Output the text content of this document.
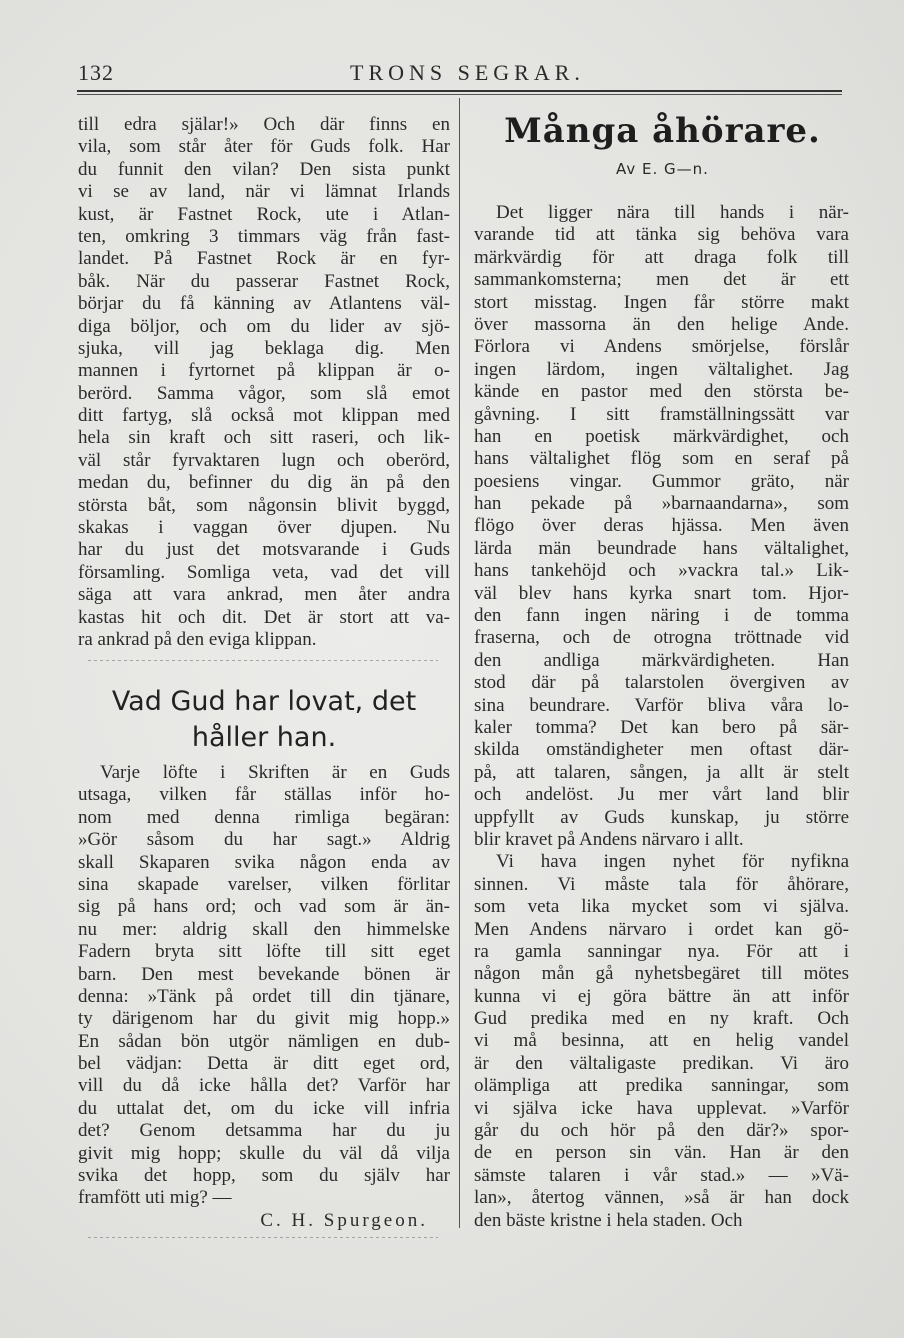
132	TRONS SEGRAR.
till edra själar!» Och där finns en
vila, som står åter för Guds folk. Har
du funnit den vilan? Den sista punkt
vi se av land, när vi lämnat Irlands
kust, är Fastnet Rock, ute i Atlan-
ten, omkring 3 timmars väg från fast-
landet. På Fastnet Rock är en fyr-
båk. När du passerar Fastnet Rock,
börjar du få känning av Atlantens väl-
diga böljor, och om du lider av sjö-
sjuka, vill jag beklaga dig. Men
mannen i fyrtornet på klippan är o-
berörd. Samma vågor, som slå emot
ditt fartyg, slå också mot klippan med
hela sin kraft och sitt raseri, och lik-
väl står fyrvaktaren lugn och oberörd,
medan du, befinner du dig än på den
största båt, som någonsin blivit byggd,
skakas i vaggan över djupen. Nu
har du just det motsvarande i Guds
församling. Somliga veta, vad det vill
säga att vara ankrad, men åter andra
kastas hit och dit. Det är stort att va-
ra ankrad på den eviga klippan.
Vad Gud har lovat, det
håller han.
Varje löfte i Skriften är en Guds
utsaga, vilken får ställas inför ho-
nom med denna rimliga begäran:
»Gör såsom du har sagt.» Aldrig
skall Skaparen svika någon enda av
sina skapade varelser, vilken förlitar
sig på hans ord; och vad som är än-
nu mer: aldrig skall den himmelske
Fadern bryta sitt löfte till sitt eget
barn. Den mest bevekande bönen är
denna: »Tänk på ordet till din tjänare,
ty därigenom har du givit mig hopp.»
En sådan bön utgör nämligen en dub-
bel vädjan: Detta är ditt eget ord,
vill du då icke hålla det? Varför har
du uttalat det, om du icke vill infria
det? Genom detsamma har du ju
givit mig hopp; skulle du väl då vilja
svika det hopp, som du själv har
framfött uti mig? —
C. H. Spurgeon.
Många åhörare.
Av E. G—n.
Det ligger nära till hands i när-
varande tid att tänka sig behöva vara
märkvärdig för att draga folk till
sammankomsterna; men det är ett
stort misstag. Ingen får större makt
över massorna än den helige Ande.
Förlora vi Andens smörjelse, förslår
ingen lärdom, ingen vältalighet. Jag
kände en pastor med den största be-
gåvning. I sitt framställningssätt var
han en poetisk märkvärdighet, och
hans vältalighet flög som en seraf på
poesiens vingar. Gummor gräto, när
han pekade på »barnaandarna», som
flögo över deras hjässa. Men även
lärda män beundrade hans vältalighet,
hans tankehöjd och »vackra tal.» Lik-
väl blev hans kyrka snart tom. Hjor-
den fann ingen näring i de tomma
fraserna, och de otrogna tröttnade vid
den andliga märkvärdigheten. Han
stod där på talarstolen övergiven av
sina beundrare. Varför bliva våra lo-
kaler tomma? Det kan bero på sär-
skilda omständigheter men oftast där-
på, att talaren, sången, ja allt är stelt
och andelöst. Ju mer vårt land blir
uppfyllt av Guds kunskap, ju större
blir kravet på Andens närvaro i allt.
Vi hava ingen nyhet för nyfikna
sinnen. Vi måste tala för åhörare,
som veta lika mycket som vi själva.
Men Andens närvaro i ordet kan gö-
ra gamla sanningar nya. För att i
någon mån gå nyhetsbegäret till mötes
kunna vi ej göra bättre än att inför
Gud predika med en ny kraft. Och
vi må besinna, att en helig vandel
är den vältaligaste predikan. Vi äro
olämpliga att predika sanningar, som
vi själva icke hava upplevat. »Varför
går du och hör på den där?» spor-
de en person sin vän. Han är den
sämste talaren i vår stad.» — »Vä-
lan», återtog vännen, »så är han dock
den bäste kristne i hela staden. Och
